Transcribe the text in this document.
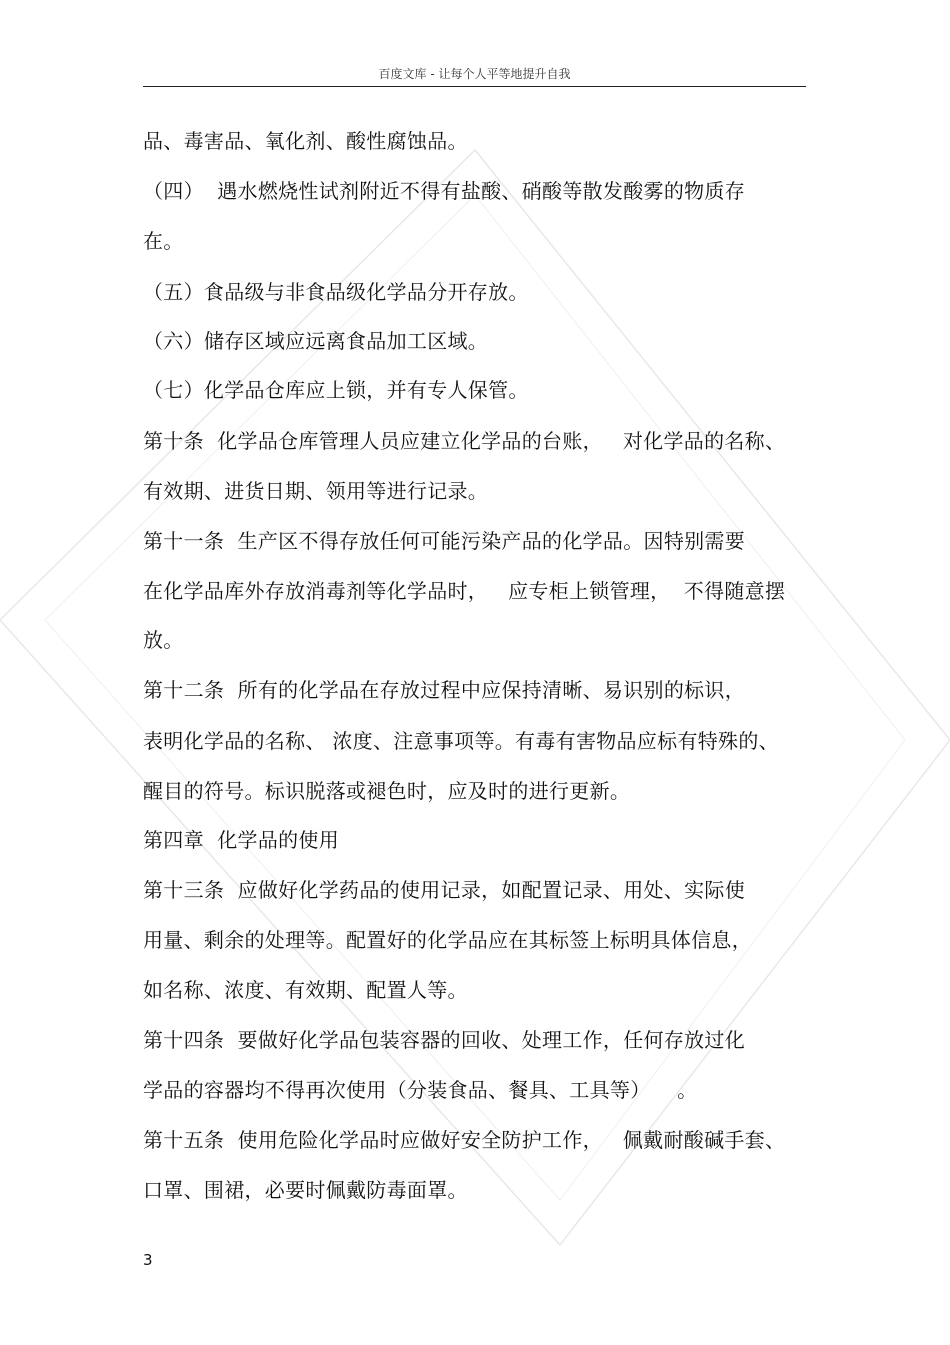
百度文库 - 让每个人平等地提升自我
品、毒害品、氧化剂、酸性腐蚀品。
（四）  遇水燃烧性试剂附近不得有盐酸、硝酸等散发酸雾的物质存
在。
（五）食品级与非食品级化学品分开存放。
（六）储存区域应远离食品加工区域。
（七）化学品仓库应上锁，并有专人保管。
第十条  化学品仓库管理人员应建立化学品的台账，   对化学品的名称、
有效期、进货日期、领用等进行记录。
第十一条  生产区不得存放任何可能污染产品的化学品。因特别需要
在化学品库外存放消毒剂等化学品时，   应专柜上锁管理，  不得随意摆
放。
第十二条  所有的化学品在存放过程中应保持清晰、易识别的标识，
表明化学品的名称、 浓度、注意事项等。有毒有害物品应标有特殊的、
醒目的符号。标识脱落或褪色时，应及时的进行更新。
第四章  化学品的使用
第十三条  应做好化学药品的使用记录，如配置记录、用处、实际使
用量、剩余的处理等。配置好的化学品应在其标签上标明具体信息，
如名称、浓度、有效期、配置人等。
第十四条  要做好化学品包装容器的回收、处理工作，任何存放过化
学品的容器均不得再次使用（分装食品、餐具、工具等）    。
第十五条  使用危险化学品时应做好安全防护工作，   佩戴耐酸碱手套、
口罩、围裙，必要时佩戴防毒面罩。
3
